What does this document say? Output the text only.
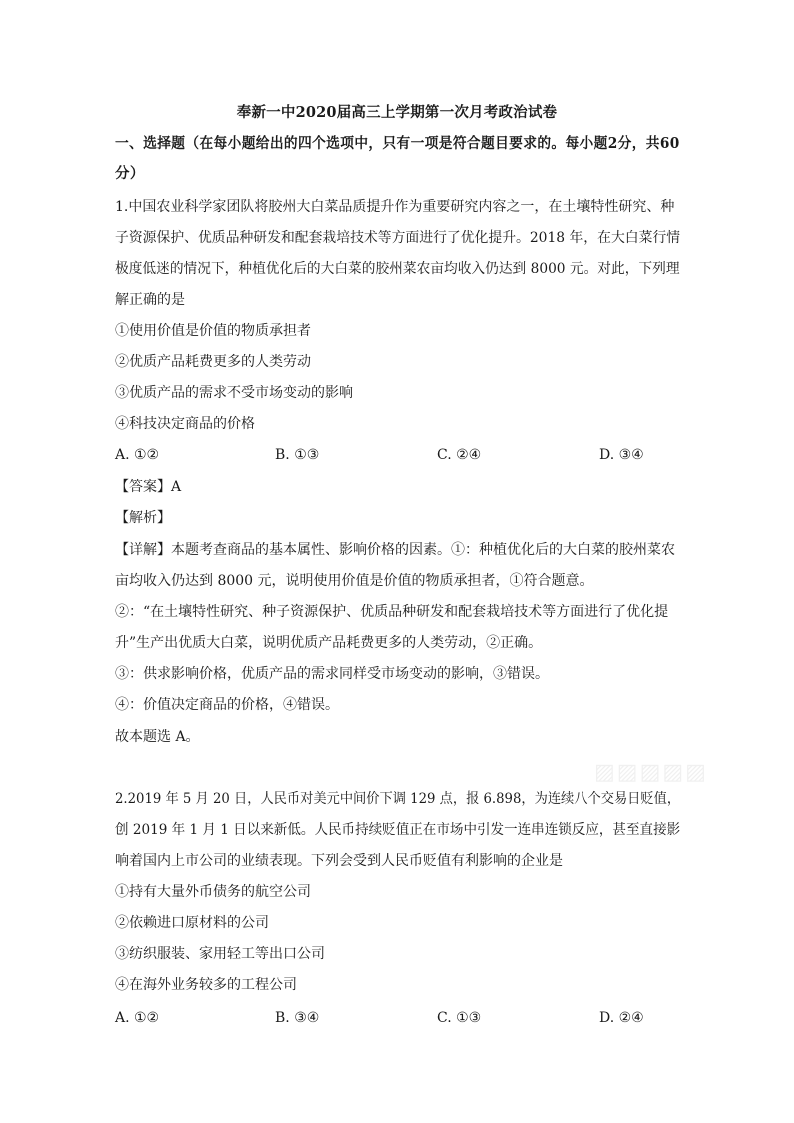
奉新一中2020届高三上学期第一次月考政治试卷
一、选择题（在每小题给出的四个选项中，只有一项是符合题目要求的。每小题2分，共60
分）
1.中国农业科学家团队将胶州大白菜品质提升作为重要研究内容之一，在土壤特性研究、种
子资源保护、优质品种研发和配套栽培技术等方面进行了优化提升。2018 年，在大白菜行情
极度低迷的情况下，种植优化后的大白菜的胶州菜农亩均收入仍达到 8000 元。对此，下列理
解正确的是
①使用价值是价值的物质承担者
②优质产品耗费更多的人类劳动
③优质产品的需求不受市场变动的影响
④科技决定商品的价格
A. ①②	B. ①③	C. ②④	D. ③④
【答案】A
【解析】
【详解】本题考查商品的基本属性、影响价格的因素。①：种植优化后的大白菜的胶州菜农
亩均收入仍达到 8000 元，说明使用价值是价值的物质承担者，①符合题意。
②：“在土壤特性研究、种子资源保护、优质品种研发和配套栽培技术等方面进行了优化提
升”生产出优质大白菜，说明优质产品耗费更多的人类劳动，②正确。
③：供求影响价格，优质产品的需求同样受市场变动的影响，③错误。
④：价值决定商品的价格，④错误。
故本题选 A。
▨▨▨▨▨
2.2019 年 5 月 20 日，人民币对美元中间价下调 129 点，报 6.898，为连续八个交易日贬值，
创 2019 年 1 月 1 日以来新低。人民币持续贬值正在市场中引发一连串连锁反应，甚至直接影
响着国内上市公司的业绩表现。下列会受到人民币贬值有利影响的企业是
①持有大量外币债务的航空公司
②依赖进口原材料的公司
③纺织服装、家用轻工等出口公司
④在海外业务较多的工程公司
A. ①②	B. ③④	C. ①③	D. ②④
